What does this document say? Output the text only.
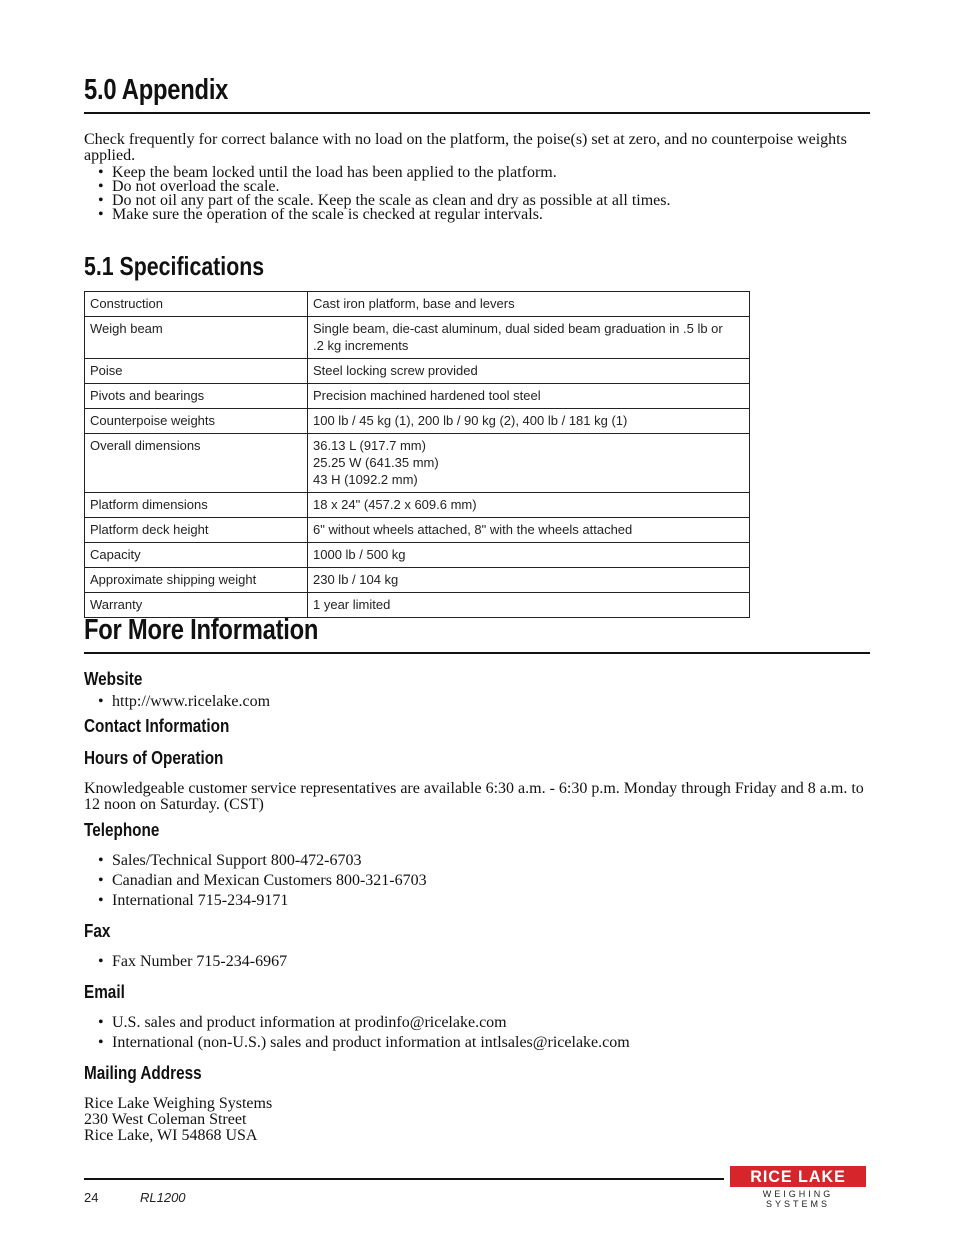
5.0 Appendix
Check frequently for correct balance with no load on the platform, the poise(s) set at zero, and no counterpoise weights applied.
• Keep the beam locked until the load has been applied to the platform.
• Do not overload the scale.
• Do not oil any part of the scale. Keep the scale as clean and dry as possible at all times.
• Make sure the operation of the scale is checked at regular intervals.
5.1 Specifications
Construction	Cast iron platform, base and levers

Weigh beam	Single beam, die-cast aluminum, dual sided beam graduation in .5 lb or
.2 kg increments

Poise	Steel locking screw provided

Pivots and bearings	Precision machined hardened tool steel

Counterpoise weights	100 lb / 45 kg (1), 200 lb / 90 kg (2), 400 lb / 181 kg (1)

Overall dimensions	36.13 L (917.7 mm)
25.25 W (641.35 mm)
43 H (1092.2 mm)

Platform dimensions	18 x 24" (457.2 x 609.6 mm)

Platform deck height	6" without wheels attached, 8" with the wheels attached

Capacity	1000 lb / 500 kg

Approximate shipping weight	230 lb / 104 kg

Warranty	1 year limited
For More Information
Website
• http://www.ricelake.com
Contact Information
Hours of Operation
Knowledgeable customer service representatives are available 6:30 a.m. - 6:30 p.m. Monday through Friday and 8 a.m. to 12 noon on Saturday. (CST)
Telephone
• Sales/Technical Support 800-472-6703
• Canadian and Mexican Customers 800-321-6703
• International 715-234-9171
Fax
• Fax Number 715-234-6967
Email
• U.S. sales and product information at prodinfo@ricelake.com
• International (non-U.S.) sales and product information at intlsales@ricelake.com
Mailing Address
Rice Lake Weighing Systems
230 West Coleman Street
Rice Lake, WI 54868 USA
24	RL1200
RICE LAKE
WEIGHING SYSTEMS
